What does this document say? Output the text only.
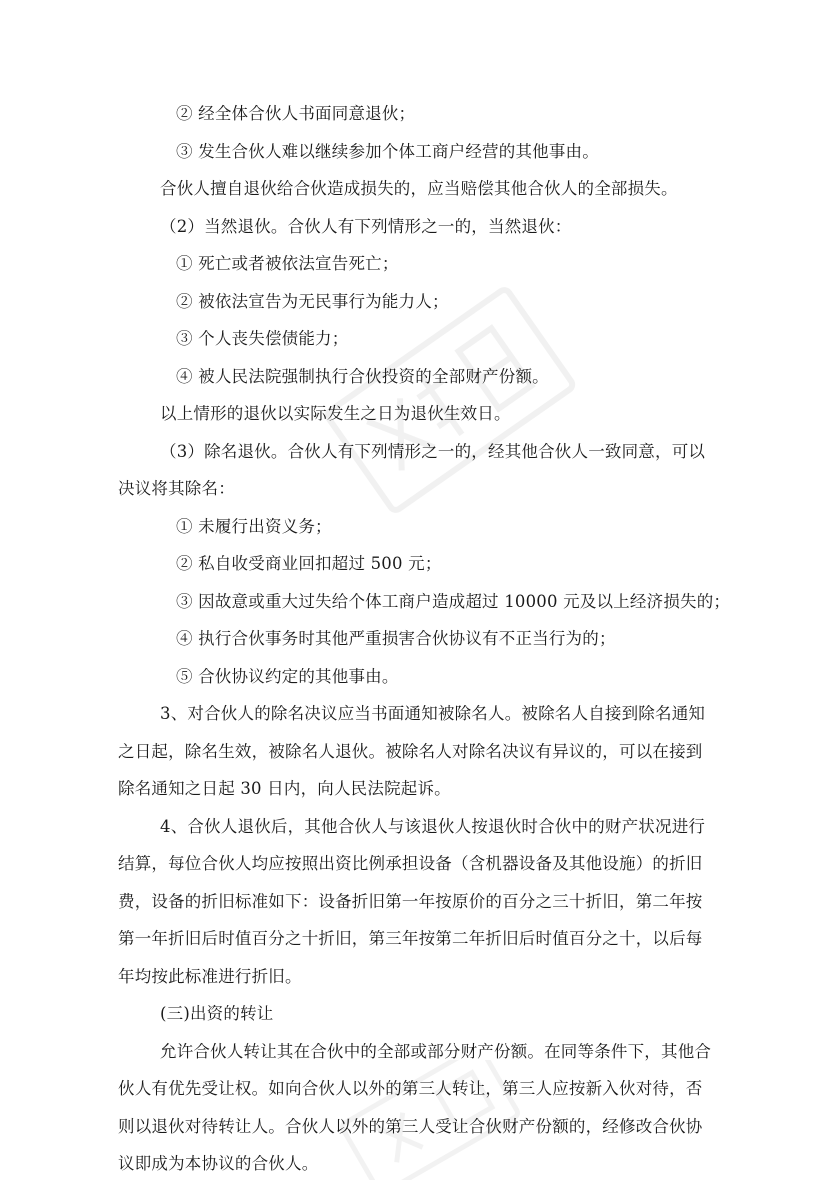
② 经全体合伙人书面同意退伙；
③ 发生合伙人难以继续参加个体工商户经营的其他事由。
合伙人擅自退伙给合伙造成损失的，应当赔偿其他合伙人的全部损失。
（2）当然退伙。合伙人有下列情形之一的，当然退伙：
① 死亡或者被依法宣告死亡；
② 被依法宣告为无民事行为能力人；
③ 个人丧失偿债能力；
④ 被人民法院强制执行合伙投资的全部财产份额。
以上情形的退伙以实际发生之日为退伙生效日。
（3）除名退伙。合伙人有下列情形之一的，经其他合伙人一致同意，可以
决议将其除名：
① 未履行出资义务；
② 私自收受商业回扣超过 500 元；
③ 因故意或重大过失给个体工商户造成超过 10000 元及以上经济损失的；
④ 执行合伙事务时其他严重损害合伙协议有不正当行为的；
⑤ 合伙协议约定的其他事由。
3、对合伙人的除名决议应当书面通知被除名人。被除名人自接到除名通知
之日起，除名生效，被除名人退伙。被除名人对除名决议有异议的，可以在接到
除名通知之日起 30 日内，向人民法院起诉。
4、合伙人退伙后，其他合伙人与该退伙人按退伙时合伙中的财产状况进行
结算，每位合伙人均应按照出资比例承担设备（含机器设备及其他设施）的折旧
费，设备的折旧标准如下：设备折旧第一年按原价的百分之三十折旧，第二年按
第一年折旧后时值百分之十折旧，第三年按第二年折旧后时值百分之十，以后每
年均按此标准进行折旧。
(三)出资的转让
允许合伙人转让其在合伙中的全部或部分财产份额。在同等条件下，其他合
伙人有优先受让权。如向合伙人以外的第三人转让，第三人应按新入伙对待，否
则以退伙对待转让人。合伙人以外的第三人受让合伙财产份额的，经修改合伙协
议即成为本协议的合伙人。
